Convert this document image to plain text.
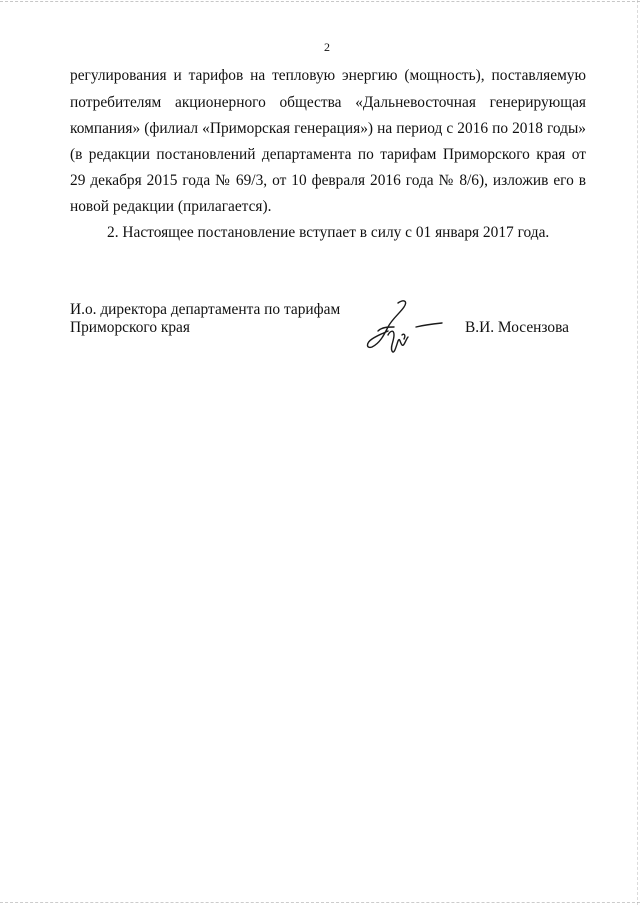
2
регулирования и тарифов на тепловую энергию (мощность), поставляемую
потребителям акционерного общества «Дальневосточная генерирующая
компания» (филиал «Приморская генерация») на период с 2016 по 2018 годы»
(в редакции постановлений департамента по тарифам Приморского края от
29 декабря 2015 года № 69/3, от 10 февраля 2016 года № 8/6), изложив его в
новой редакции (прилагается).
2. Настоящее постановление вступает в силу с 01 января 2017 года.
И.о. директора департамента по тарифам
Приморского края	В.И. Мосензова
